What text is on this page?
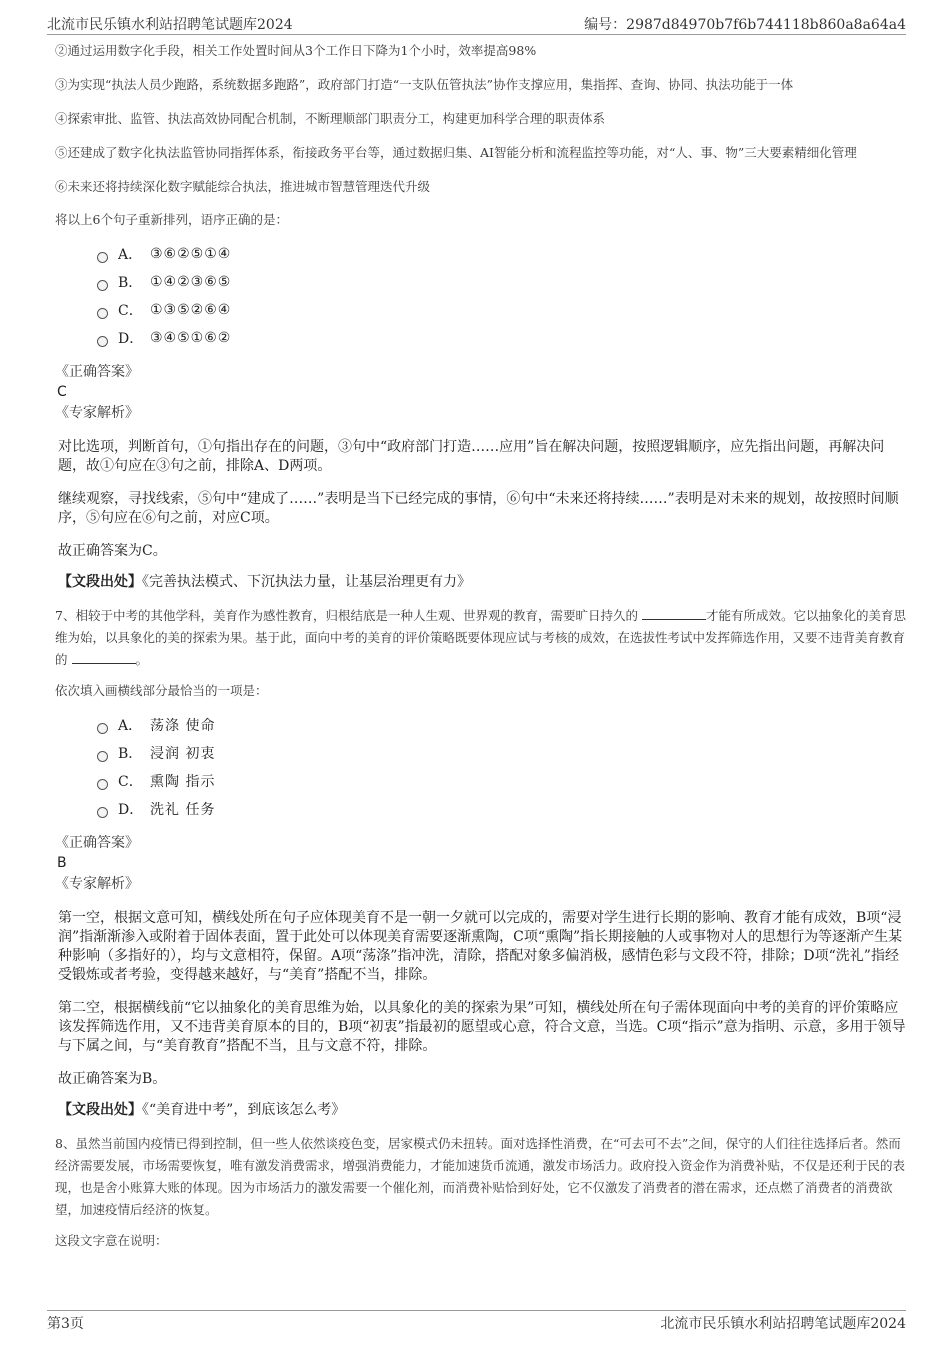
北流市民乐镇水利站招聘笔试题库2024	编号：2987d84970b7f6b744118b860a8a64a4

②通过运用数字化手段，相关工作处置时间从3个工作日下降为1个小时，效率提高98%

③为实现“执法人员少跑路，系统数据多跑路”，政府部门打造“一支队伍管执法”协作支撑应用，集指挥、查询、协同、执法功能于一体

④探索审批、监管、执法高效协同配合机制，不断理顺部门职责分工，构建更加科学合理的职责体系

⑤还建成了数字化执法监管协同指挥体系，衔接政务平台等，通过数据归集、AI智能分析和流程监控等功能，对“人、事、物”三大要素精细化管理

⑥未来还将持续深化数字赋能综合执法，推进城市智慧管理迭代升级

将以上6个句子重新排列，语序正确的是：

A． ③⑥②⑤①④
B． ①④②③⑥⑤
C． ①③⑤②⑥④
D． ③④⑤①⑥②

《正确答案》

C

《专家解析》

对比选项，判断首句，①句指出存在的问题，③句中“政府部门打造……应用”旨在解决问题，按照逻辑顺序，应先指出问题，再解决问题，故①句应在③句之前，排除A、D两项。

继续观察，寻找线索，⑤句中“建成了……”表明是当下已经完成的事情，⑥句中“未来还将持续……”表明是对未来的规划，故按照时间顺序，⑤句应在⑥句之前，对应C项。

故正确答案为C。

【文段出处】《完善执法模式、下沉执法力量，让基层治理更有力》

7、相较于中考的其他学科，美育作为感性教育，归根结底是一种人生观、世界观的教育，需要旷日持久的	才能有所成效。它以抽象化的美育思维为始，以具象化的美的探索为果。基于此，面向中考的美育的评价策略既要体现应试与考核的成效，在选拔性考试中发挥筛选作用，又要不违背美育教育的	。

依次填入画横线部分最恰当的一项是：

A． 荡涤 使命
B． 浸润 初衷
C． 熏陶 指示
D． 洗礼 任务

《正确答案》

B

《专家解析》

第一空，根据文意可知，横线处所在句子应体现美育不是一朝一夕就可以完成的，需要对学生进行长期的影响、教育才能有成效，B项“浸润”指渐渐渗入或附着于固体表面，置于此处可以体现美育需要逐渐熏陶，C项“熏陶”指长期接触的人或事物对人的思想行为等逐渐产生某种影响（多指好的），均与文意相符，保留。A项“荡涤”指冲洗，清除，搭配对象多偏消极，感情色彩与文段不符，排除；D项“洗礼”指经受锻炼或者考验，变得越来越好，与“美育”搭配不当，排除。

第二空，根据横线前“它以抽象化的美育思维为始，以具象化的美的探索为果”可知，横线处所在句子需体现面向中考的美育的评价策略应该发挥筛选作用，又不违背美育原本的目的，B项“初衷”指最初的愿望或心意，符合文意，当选。C项“指示”意为指明、示意，多用于领导与下属之间，与“美育教育”搭配不当，且与文意不符，排除。

故正确答案为B。

【文段出处】《“美育进中考”，到底该怎么考》

8、虽然当前国内疫情已得到控制，但一些人依然谈疫色变，居家模式仍未扭转。面对选择性消费，在“可去可不去”之间，保守的人们往往选择后者。然而经济需要发展，市场需要恢复，唯有激发消费需求，增强消费能力，才能加速货币流通，激发市场活力。政府投入资金作为消费补贴，不仅是还利于民的表现，也是舍小账算大账的体现。因为市场活力的激发需要一个催化剂，而消费补贴恰到好处，它不仅激发了消费者的潜在需求，还点燃了消费者的消费欲望，加速疫情后经济的恢复。

这段文字意在说明：

第3页	北流市民乐镇水利站招聘笔试题库2024
